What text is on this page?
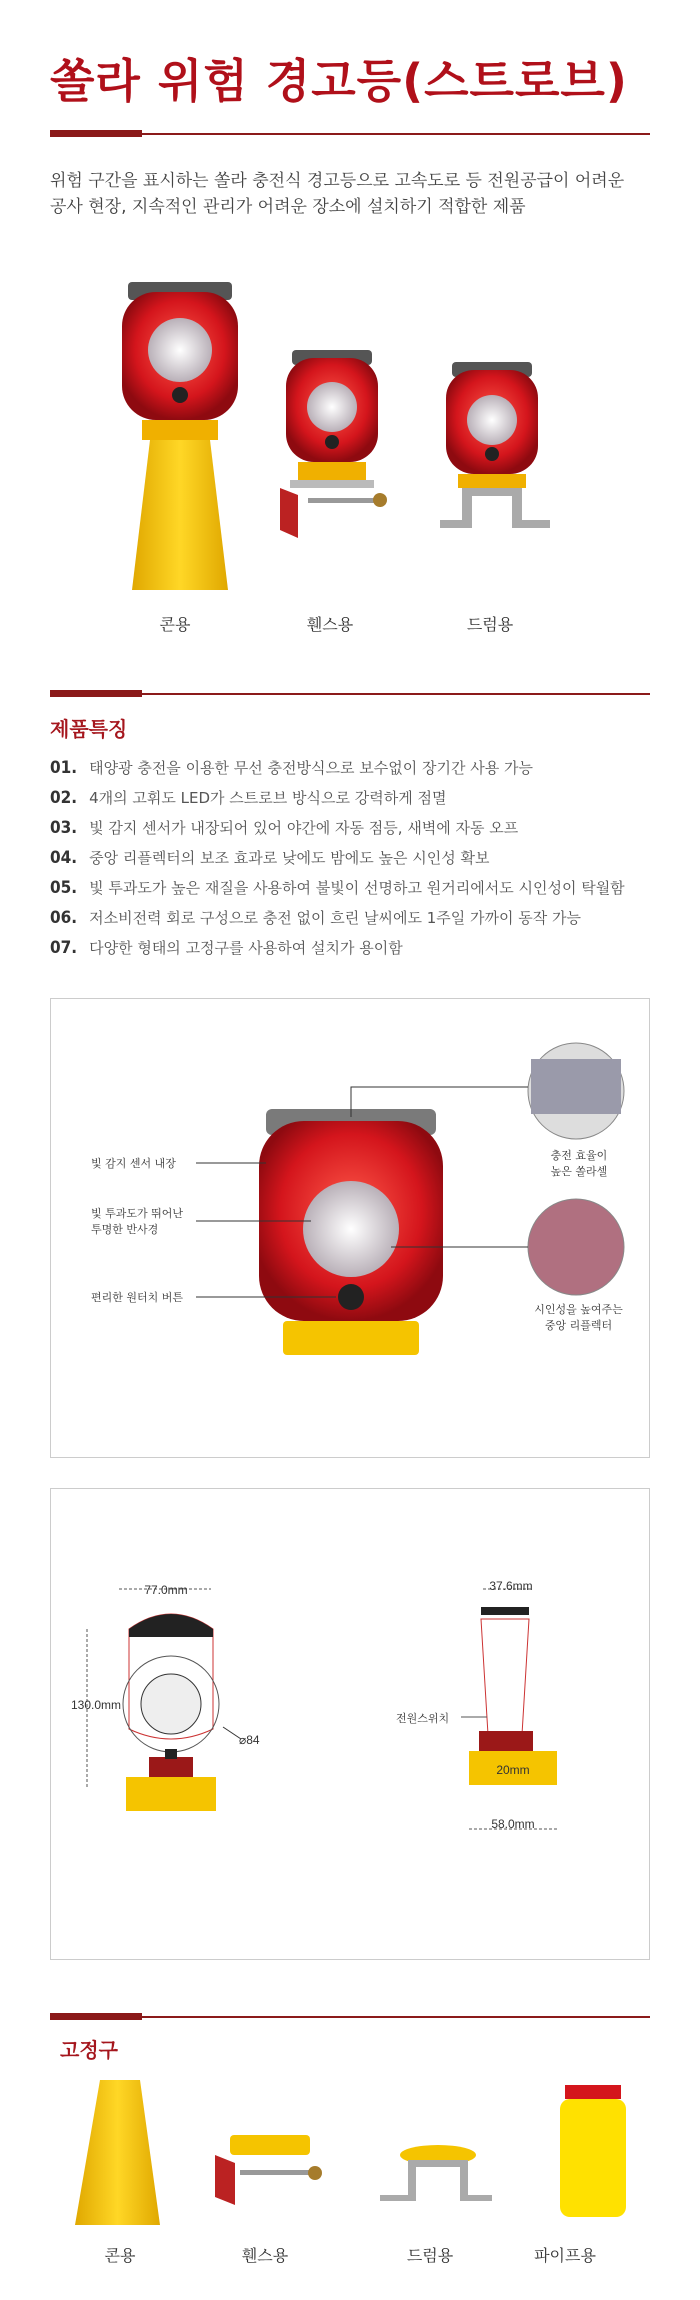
쏠라 위험 경고등(스트로브)
위험 구간을 표시하는 쏠라 충전식 경고등으로 고속도로 등 전원공급이 어려운
공사 현장, 지속적인 관리가 어려운 장소에 설치하기 적합한 제품
콘용	휀스용	드럼용
제품특징
01. 태양광 충전을 이용한 무선 충전방식으로 보수없이 장기간 사용 가능
02. 4개의 고휘도 LED가 스트로브 방식으로 강력하게 점멸
03. 빛 감지 센서가 내장되어 있어 야간에 자동 점등, 새벽에 자동 오프
04. 중앙 리플렉터의 보조 효과로 낮에도 밤에도 높은 시인성 확보
05. 빛 투과도가 높은 재질을 사용하여 불빛이 선명하고 원거리에서도 시인성이 탁월함
06. 저소비전력 회로 구성으로 충전 없이 흐린 날씨에도 1주일 가까이 동작 가능
07. 다양한 형태의 고정구를 사용하여 설치가 용이함
빛 감지 센서 내장
빛 투과도가 뛰어난
투명한 반사경
편리한 원터치 버튼
충전 효율이
높은 쏠라셀
시인성을 높여주는
중앙 리플렉터
77.0mm
130.0mm
⌀84
37.6mm
전원스위치
20mm
58.0mm
고정구
콘용	휀스용	드럼용	파이프용
